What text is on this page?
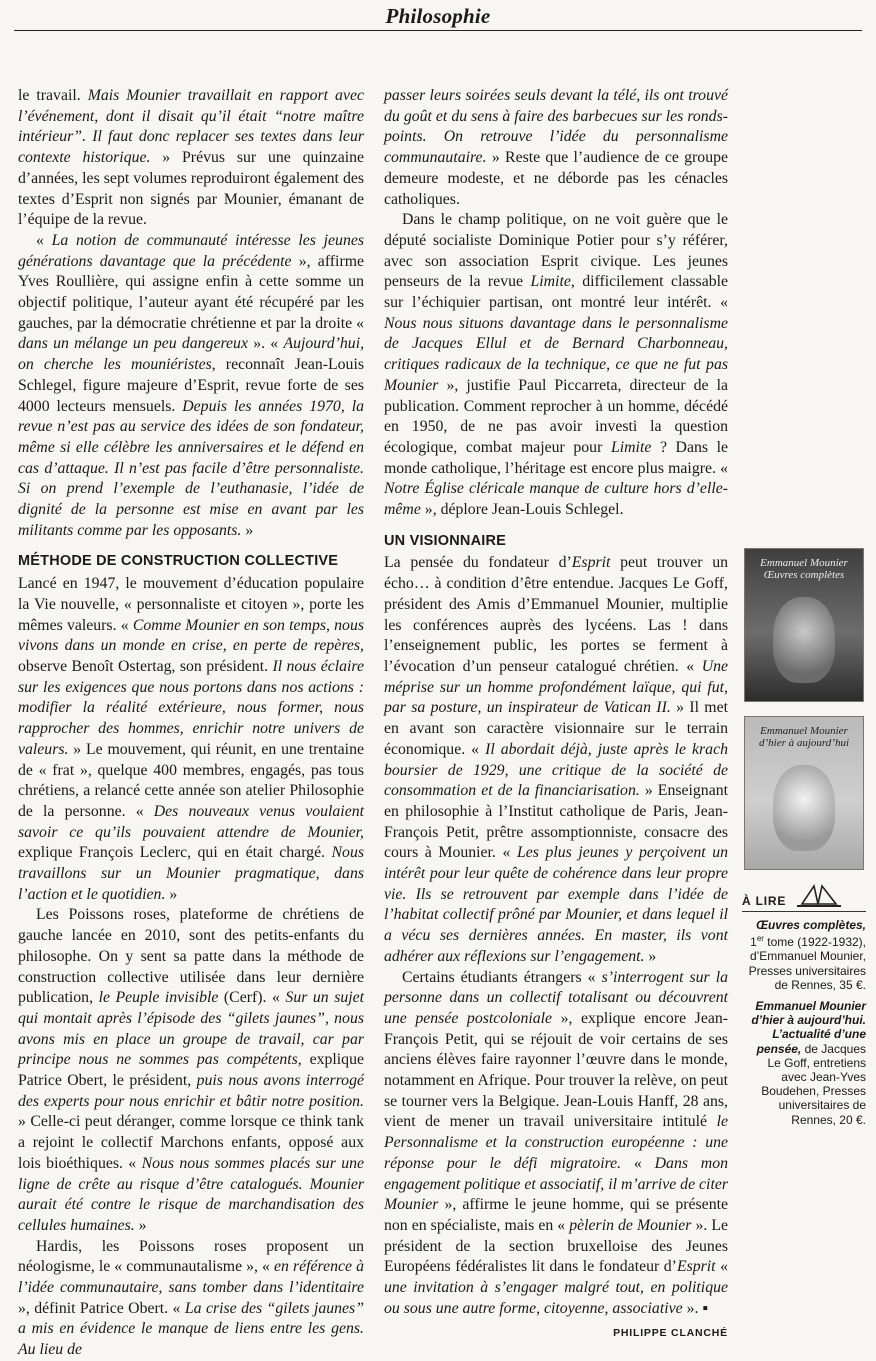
Philosophie

le travail. Mais Mounier travaillait en rapport avec l’événement, dont il disait qu’il était “notre maître intérieur”. Il faut donc replacer ses textes dans leur contexte historique. » Prévus sur une quinzaine d’années, les sept volumes reproduiront également des textes d’Esprit non signés par Mounier, émanant de l’équipe de la revue.

« La notion de communauté intéresse les jeunes générations davantage que la précédente », affirme Yves Roullière, qui assigne enfin à cette somme un objectif politique, l’auteur ayant été récupéré par les gauches, par la démocratie chrétienne et par la droite « dans un mélange un peu dangereux ». « Aujourd’hui, on cherche les mouniéristes, reconnaît Jean-Louis Schlegel, figure majeure d’Esprit, revue forte de ses 4000 lecteurs mensuels. Depuis les années 1970, la revue n’est pas au service des idées de son fondateur, même si elle célèbre les anniversaires et le défend en cas d’attaque. Il n’est pas facile d’être personnaliste. Si on prend l’exemple de l’euthanasie, l’idée de dignité de la personne est mise en avant par les militants comme par les opposants. »

MÉTHODE DE CONSTRUCTION COLLECTIVE

Lancé en 1947, le mouvement d’éducation populaire la Vie nouvelle, « personnaliste et citoyen », porte les mêmes valeurs. « Comme Mounier en son temps, nous vivons dans un monde en crise, en perte de repères, observe Benoît Ostertag, son président. Il nous éclaire sur les exigences que nous portons dans nos actions : modifier la réalité extérieure, nous former, nous rapprocher des hommes, enrichir notre univers de valeurs. » Le mouvement, qui réunit, en une trentaine de « frat », quelque 400 membres, engagés, pas tous chrétiens, a relancé cette année son atelier Philosophie de la personne. « Des nouveaux venus voulaient savoir ce qu’ils pouvaient attendre de Mounier, explique François Leclerc, qui en était chargé. Nous travaillons sur un Mounier pragmatique, dans l’action et le quotidien. »

Les Poissons roses, plateforme de chrétiens de gauche lancée en 2010, sont des petits-enfants du philosophe. On y sent sa patte dans la méthode de construction collective utilisée dans leur dernière publication, le Peuple invisible (Cerf). « Sur un sujet qui montait après l’épisode des “gilets jaunes”, nous avons mis en place un groupe de travail, car par principe nous ne sommes pas compétents, explique Patrice Obert, le président, puis nous avons interrogé des experts pour nous enrichir et bâtir notre position. » Celle-ci peut déranger, comme lorsque ce think tank a rejoint le collectif Marchons enfants, opposé aux lois bioéthiques. « Nous nous sommes placés sur une ligne de crête au risque d’être catalogués. Mounier aurait été contre le risque de marchandisation des cellules humaines. »

Hardis, les Poissons roses proposent un néologisme, le « communautalisme », « en référence à l’idée communautaire, sans tomber dans l’identitaire », définit Patrice Obert. « La crise des “gilets jaunes” a mis en évidence le manque de liens entre les gens. Au lieu de

passer leurs soirées seuls devant la télé, ils ont trouvé du goût et du sens à faire des barbecues sur les ronds-points. On retrouve l’idée du personnalisme communautaire. » Reste que l’audience de ce groupe demeure modeste, et ne déborde pas les cénacles catholiques.

Dans le champ politique, on ne voit guère que le député socialiste Dominique Potier pour s’y référer, avec son association Esprit civique. Les jeunes penseurs de la revue Limite, difficilement classable sur l’échiquier partisan, ont montré leur intérêt. « Nous nous situons davantage dans le personnalisme de Jacques Ellul et de Bernard Charbonneau, critiques radicaux de la technique, ce que ne fut pas Mounier », justifie Paul Piccarreta, directeur de la publication. Comment reprocher à un homme, décédé en 1950, de ne pas avoir investi la question écologique, combat majeur pour Limite ? Dans le monde catholique, l’héritage est encore plus maigre. « Notre Église cléricale manque de culture hors d’elle-même », déplore Jean-Louis Schlegel.

UN VISIONNAIRE

La pensée du fondateur d’Esprit peut trouver un écho… à condition d’être entendue. Jacques Le Goff, président des Amis d’Emmanuel Mounier, multiplie les conférences auprès des lycéens. Las ! dans l’enseignement public, les portes se ferment à l’évocation d’un penseur catalogué chrétien. « Une méprise sur un homme profondément laïque, qui fut, par sa posture, un inspirateur de Vatican II. » Il met en avant son caractère visionnaire sur le terrain économique. « Il abordait déjà, juste après le krach boursier de 1929, une critique de la société de consommation et de la financiarisation. » Enseignant en philosophie à l’Institut catholique de Paris, Jean-François Petit, prêtre assomptionniste, consacre des cours à Mounier. « Les plus jeunes y perçoivent un intérêt pour leur quête de cohérence dans leur propre vie. Ils se retrouvent par exemple dans l’idée de l’habitat collectif prôné par Mounier, et dans lequel il a vécu ses dernières années. En master, ils vont adhérer aux réflexions sur l’engagement. »

Certains étudiants étrangers « s’interrogent sur la personne dans un collectif totalisant ou découvrent une pensée postcoloniale », explique encore Jean-François Petit, qui se réjouit de voir certains de ses anciens élèves faire rayonner l’œuvre dans le monde, notamment en Afrique. Pour trouver la relève, on peut se tourner vers la Belgique. Jean-Louis Hanff, 28 ans, vient de mener un travail universitaire intitulé le Personnalisme et la construction européenne : une réponse pour le défi migratoire. « Dans mon engagement politique et associatif, il m’arrive de citer Mounier », affirme le jeune homme, qui se présente non en spécialiste, mais en « pèlerin de Mounier ». Le président de la section bruxelloise des Jeunes Européens fédéralistes lit dans le fondateur d’Esprit « une invitation à s’engager malgré tout, en politique ou sous une autre forme, citoyenne, associative ». ▪

PHILIPPE CLANCHÉ
Emmanuel Mounier Œuvres complètes
Emmanuel Mounier d’hier à aujourd’hui
À LIRE
Œuvres complètes,
1er tome (1922-1932), d’Emmanuel Mounier, Presses universitaires de Rennes, 35 €.
Emmanuel Mounier d’hier à aujourd’hui. L’actualité d’une pensée, de Jacques Le Goff, entretiens avec Jean-Yves Boudehen, Presses universitaires de Rennes, 20 €.
